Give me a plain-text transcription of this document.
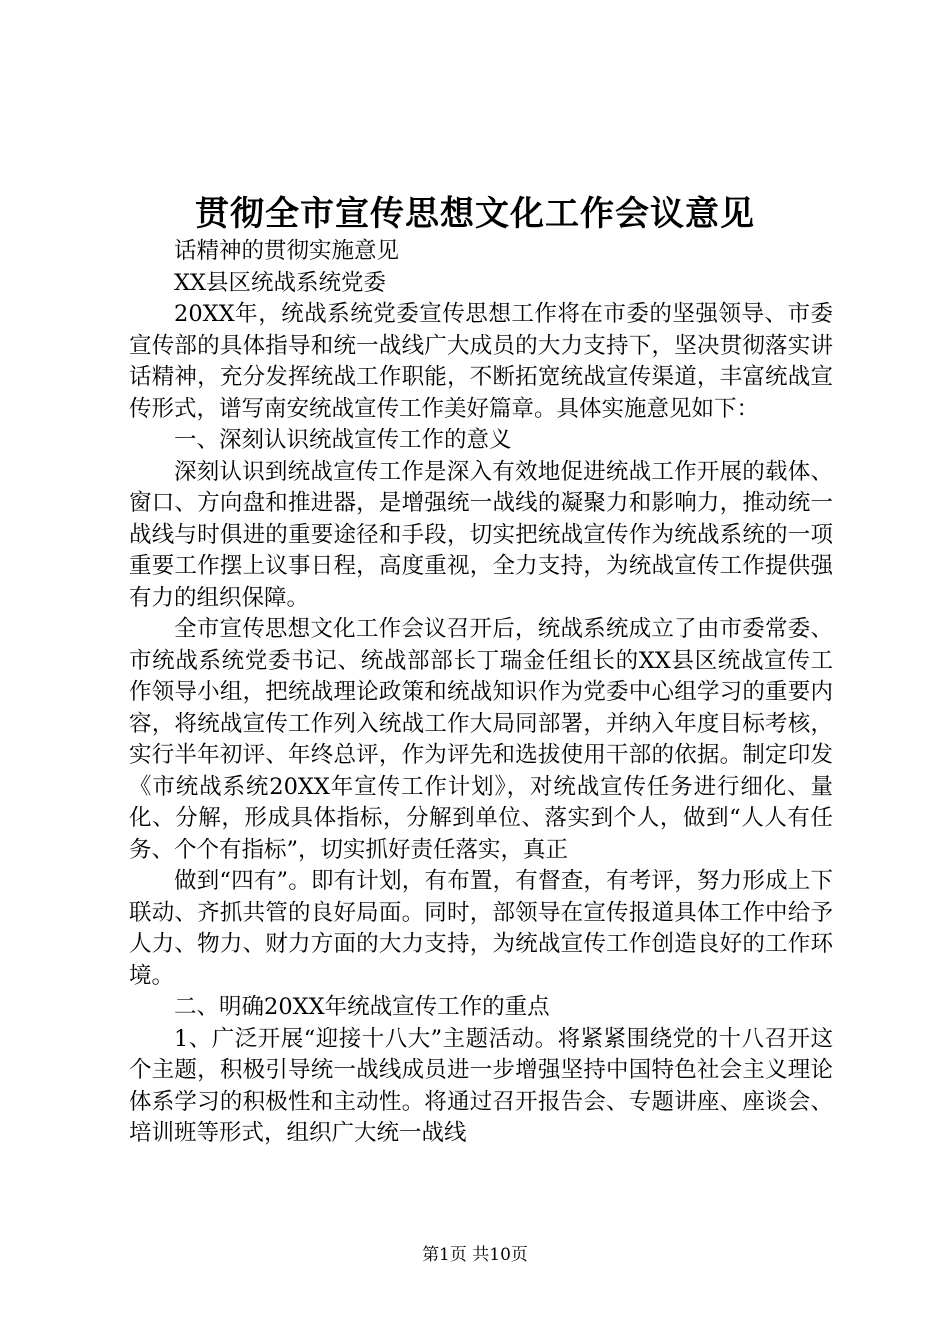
贯彻全市宣传思想文化工作会议意见

话精神的贯彻实施意见

XX县区统战系统党委

20XX年，统战系统党委宣传思想工作将在市委的坚强领导、市委宣传部的具体指导和统一战线广大成员的大力支持下，坚决贯彻落实讲话精神，充分发挥统战工作职能，不断拓宽统战宣传渠道，丰富统战宣传形式，谱写南安统战宣传工作美好篇章。具体实施意见如下：

一、深刻认识统战宣传工作的意义

深刻认识到统战宣传工作是深入有效地促进统战工作开展的载体、窗口、方向盘和推进器，是增强统一战线的凝聚力和影响力，推动统一战线与时俱进的重要途径和手段，切实把统战宣传作为统战系统的一项重要工作摆上议事日程，高度重视，全力支持，为统战宣传工作提供强有力的组织保障。

全市宣传思想文化工作会议召开后，统战系统成立了由市委常委、市统战系统党委书记、统战部部长丁瑞金任组长的XX县区统战宣传工作领导小组，把统战理论政策和统战知识作为党委中心组学习的重要内容，将统战宣传工作列入统战工作大局同部署，并纳入年度目标考核，实行半年初评、年终总评，作为评先和选拔使用干部的依据。制定印发《市统战系统20XX年宣传工作计划》，对统战宣传任务进行细化、量化、分解，形成具体指标，分解到单位、落实到个人，做到“人人有任务、个个有指标”，切实抓好责任落实，真正

做到“四有”。即有计划，有布置，有督查，有考评，努力形成上下联动、齐抓共管的良好局面。同时，部领导在宣传报道具体工作中给予人力、物力、财力方面的大力支持，为统战宣传工作创造良好的工作环境。

二、明确20XX年统战宣传工作的重点

1、广泛开展“迎接十八大”主题活动。将紧紧围绕党的十八召开这个主题，积极引导统一战线成员进一步增强坚持中国特色社会主义理论体系学习的积极性和主动性。将通过召开报告会、专题讲座、座谈会、培训班等形式，组织广大统一战线

第1页 共10页
